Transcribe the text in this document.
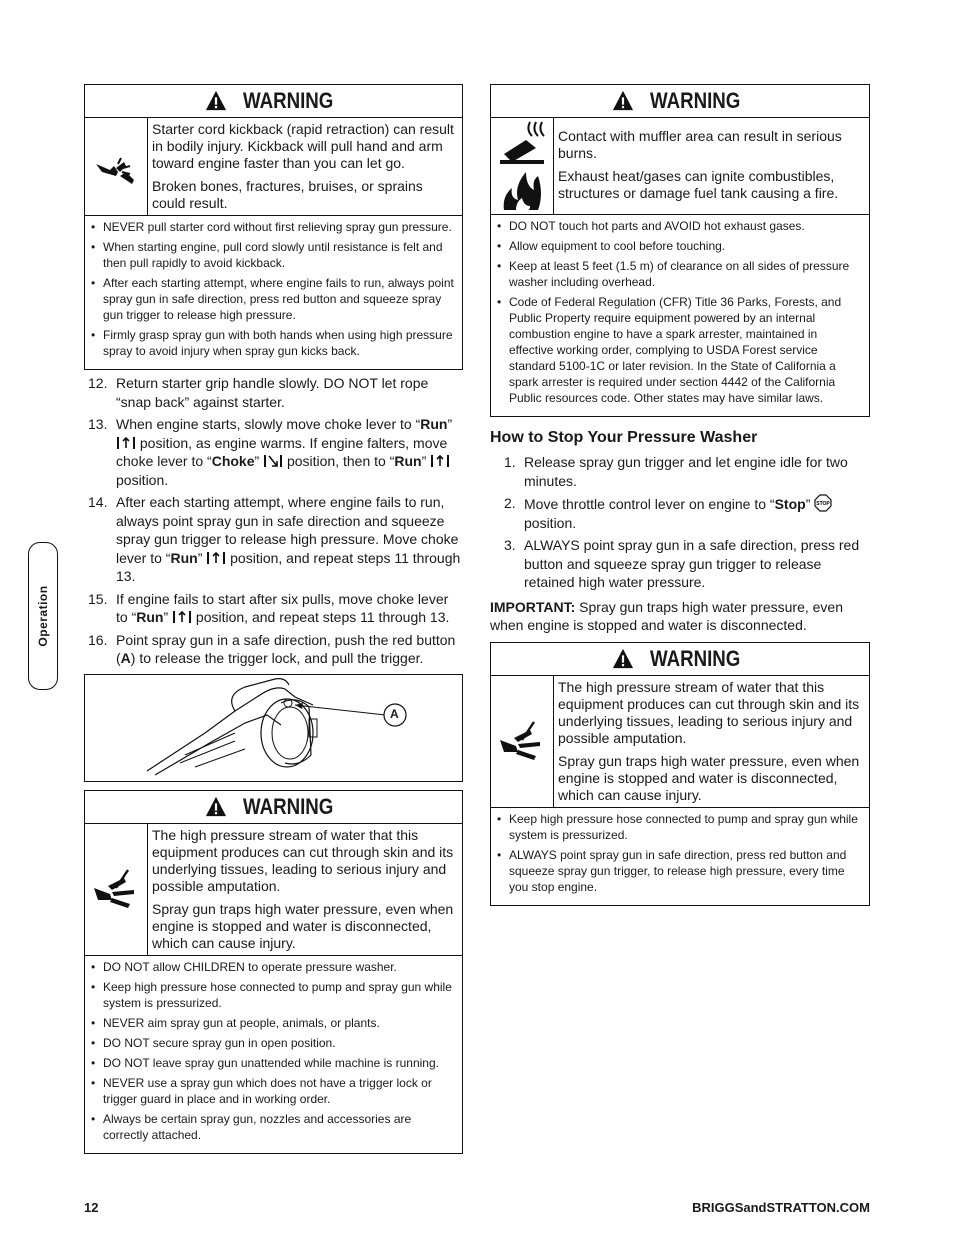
Operation
WARNING

Starter cord kickback (rapid retraction) can result in bodily injury. Kickback will pull hand and arm toward engine faster than you can let go.

Broken bones, fractures, bruises, or sprains could result.

• NEVER pull starter cord without first relieving spray gun pressure.
• When starting engine, pull cord slowly until resistance is felt and then pull rapidly to avoid kickback.
• After each starting attempt, where engine fails to run, always point spray gun in safe direction, press red button and squeeze spray gun trigger to release high pressure.
• Firmly grasp spray gun with both hands when using high pressure spray to avoid injury when spray gun kicks back.
12. Return starter grip handle slowly. DO NOT let rope “snap back” against starter.
13. When engine starts, slowly move choke lever to “Run”  position, as engine warms. If engine falters, move choke lever to “Choke”  position, then to “Run”  position.
14. After each starting attempt, where engine fails to run, always point spray gun in safe direction and squeeze spray gun trigger to release high pressure. Move choke lever to “Run”  position, and repeat steps 11 through 13.
15. If engine fails to start after six pulls, move choke lever to “Run”  position, and repeat steps 11 through 13.
16. Point spray gun in a safe direction, push the red button (A) to release the trigger lock, and pull the trigger.
A
WARNING

The high pressure stream of water that this equipment produces can cut through skin and its underlying tissues, leading to serious injury and possible amputation.

Spray gun traps high water pressure, even when engine is stopped and water is disconnected, which can cause injury.

• DO NOT allow CHILDREN to operate pressure washer.
• Keep high pressure hose connected to pump and spray gun while system is pressurized.
• NEVER aim spray gun at people, animals, or plants.
• DO NOT secure spray gun in open position.
• DO NOT leave spray gun unattended while machine is running.
• NEVER use a spray gun which does not have a trigger lock or trigger guard in place and in working order.
• Always be certain spray gun, nozzles and accessories are correctly attached.
WARNING

Contact with muffler area can result in serious burns.

Exhaust heat/gases can ignite combustibles, structures or damage fuel tank causing a fire.

• DO NOT touch hot parts and AVOID hot exhaust gases.
• Allow equipment to cool before touching.
• Keep at least 5 feet (1.5 m) of clearance on all sides of pressure washer including overhead.
• Code of Federal Regulation (CFR) Title 36 Parks, Forests, and Public Property require equipment powered by an internal combustion engine to have a spark arrester, maintained in effective working order, complying to USDA Forest service standard 5100-1C or later revision. In the State of California a spark arrester is required under section 4442 of the California Public resources code. Other states may have similar laws.
How to Stop Your Pressure Washer
1. Release spray gun trigger and let engine idle for two minutes.
2. Move throttle control lever on engine to “Stop” STOP
position.
3. ALWAYS point spray gun in a safe direction, press red button and squeeze spray gun trigger to release retained high water pressure.

IMPORTANT: Spray gun traps high water pressure, even when engine is stopped and water is disconnected.

WARNING

The high pressure stream of water that this equipment produces can cut through skin and its underlying tissues, leading to serious injury and possible amputation.

Spray gun traps high water pressure, even when engine is stopped and water is disconnected, which can cause injury.

• Keep high pressure hose connected to pump and spray gun while system is pressurized.
• ALWAYS point spray gun in safe direction, press red button and squeeze spray gun trigger, to release high pressure, every time you stop engine.
12	BRIGGSandSTRATTON.COM
